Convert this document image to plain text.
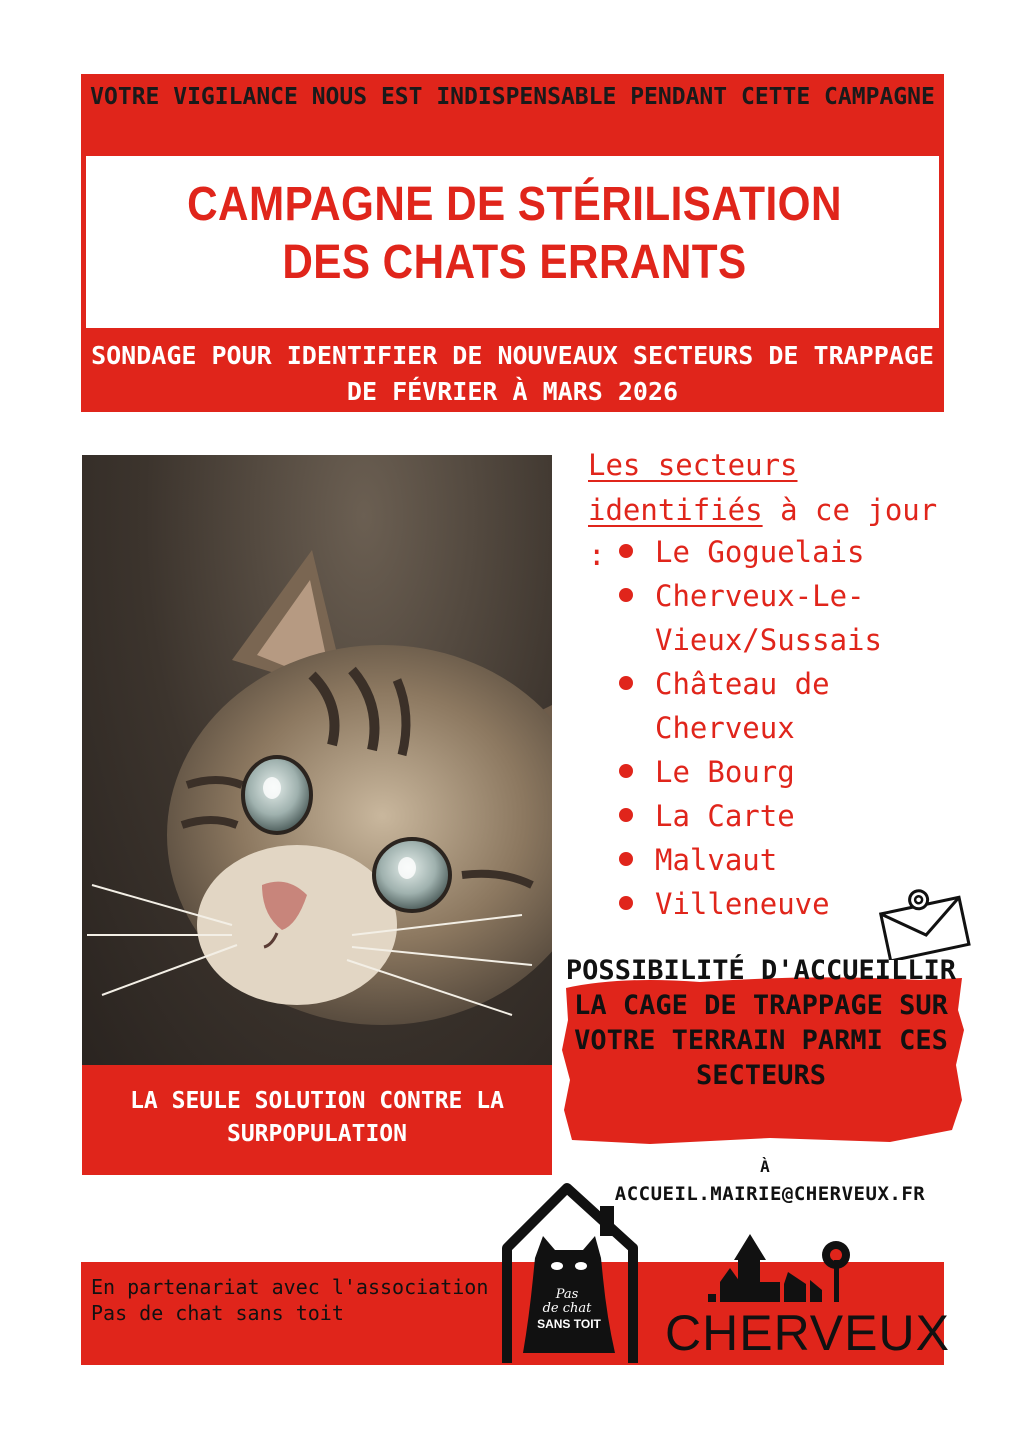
VOTRE VIGILANCE NOUS EST INDISPENSABLE PENDANT CETTE CAMPAGNE
CAMPAGNE DE STÉRILISATION DES CHATS ERRANTS
SONDAGE POUR IDENTIFIER DE NOUVEAUX SECTEURS DE TRAPPAGE DE FÉVRIER À MARS 2026
LA SEULE SOLUTION CONTRE LA SURPOPULATION
Les secteurs identifiés à ce jour :	Le Goguelais
Cherveux-Le-Vieux/Sussais
Château de Cherveux
Le Bourg
La Carte
Malvaut
Villeneuve
POSSIBILITÉ D'ACCUEILLIR LA CAGE DE TRAPPAGE SUR VOTRE TERRAIN PARMI CES SECTEURS
À
ACCUEIL.MAIRIE@CHERVEUX.FR
En partenariat avec l'association Pas de chat sans toit
Pas
de chat
SANS TOIT CHERVEUX
